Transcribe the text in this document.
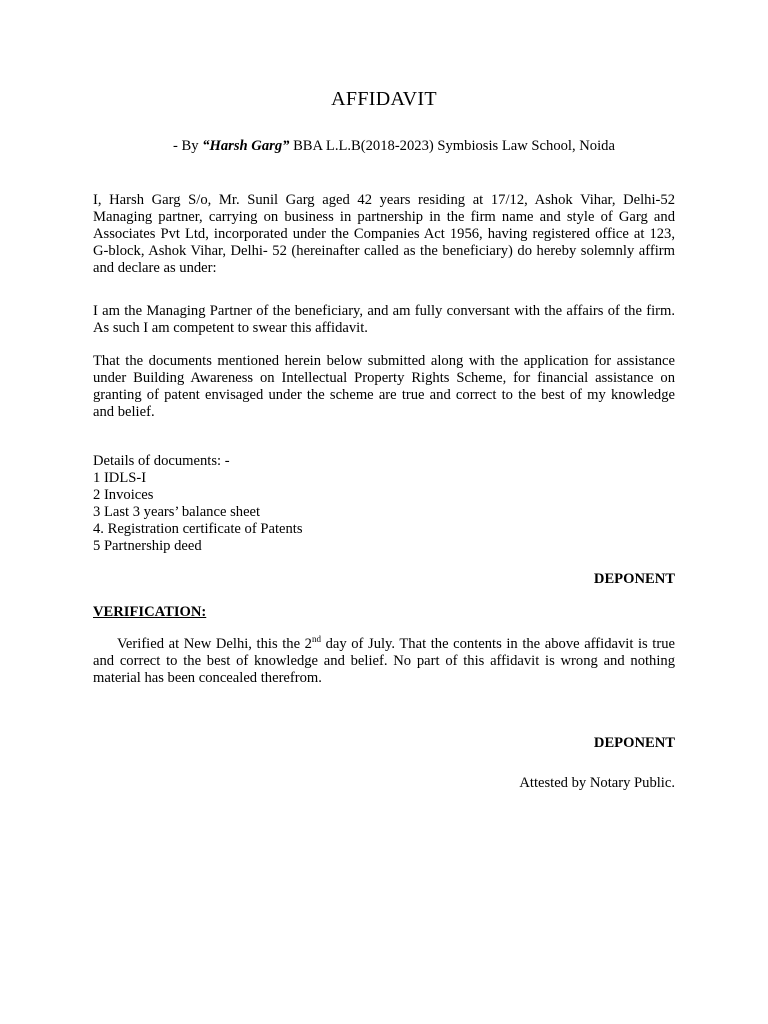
AFFIDAVIT
- By “Harsh Garg” BBA L.L.B(2018-2023) Symbiosis Law School, Noida

I, Harsh Garg S/o, Mr. Sunil Garg aged 42 years residing at 17/12, Ashok Vihar, Delhi-52 Managing partner, carrying on business in partnership in the firm name and style of Garg and Associates Pvt Ltd, incorporated under the Companies Act 1956, having registered office at 123, G-block, Ashok Vihar, Delhi- 52 (hereinafter called as the beneficiary) do hereby solemnly affirm and declare as under:

I am the Managing Partner of the beneficiary, and am fully conversant with the affairs of the firm. As such I am competent to swear this affidavit.

That the documents mentioned herein below submitted along with the application for assistance under Building Awareness on Intellectual Property Rights Scheme, for financial assistance on granting of patent envisaged under the scheme are true and correct to the best of my knowledge and belief.

Details of documents: -
1 IDLS-I
2 Invoices
3 Last 3 years’ balance sheet
4. Registration certificate of Patents
5 Partnership deed
DEPONENT
VERIFICATION:

Verified at New Delhi, this the 2nd day of July. That the contents in the above affidavit is true and correct to the best of knowledge and belief. No part of this affidavit is wrong and nothing material has been concealed therefrom.

DEPONENT
Attested by Notary Public.
